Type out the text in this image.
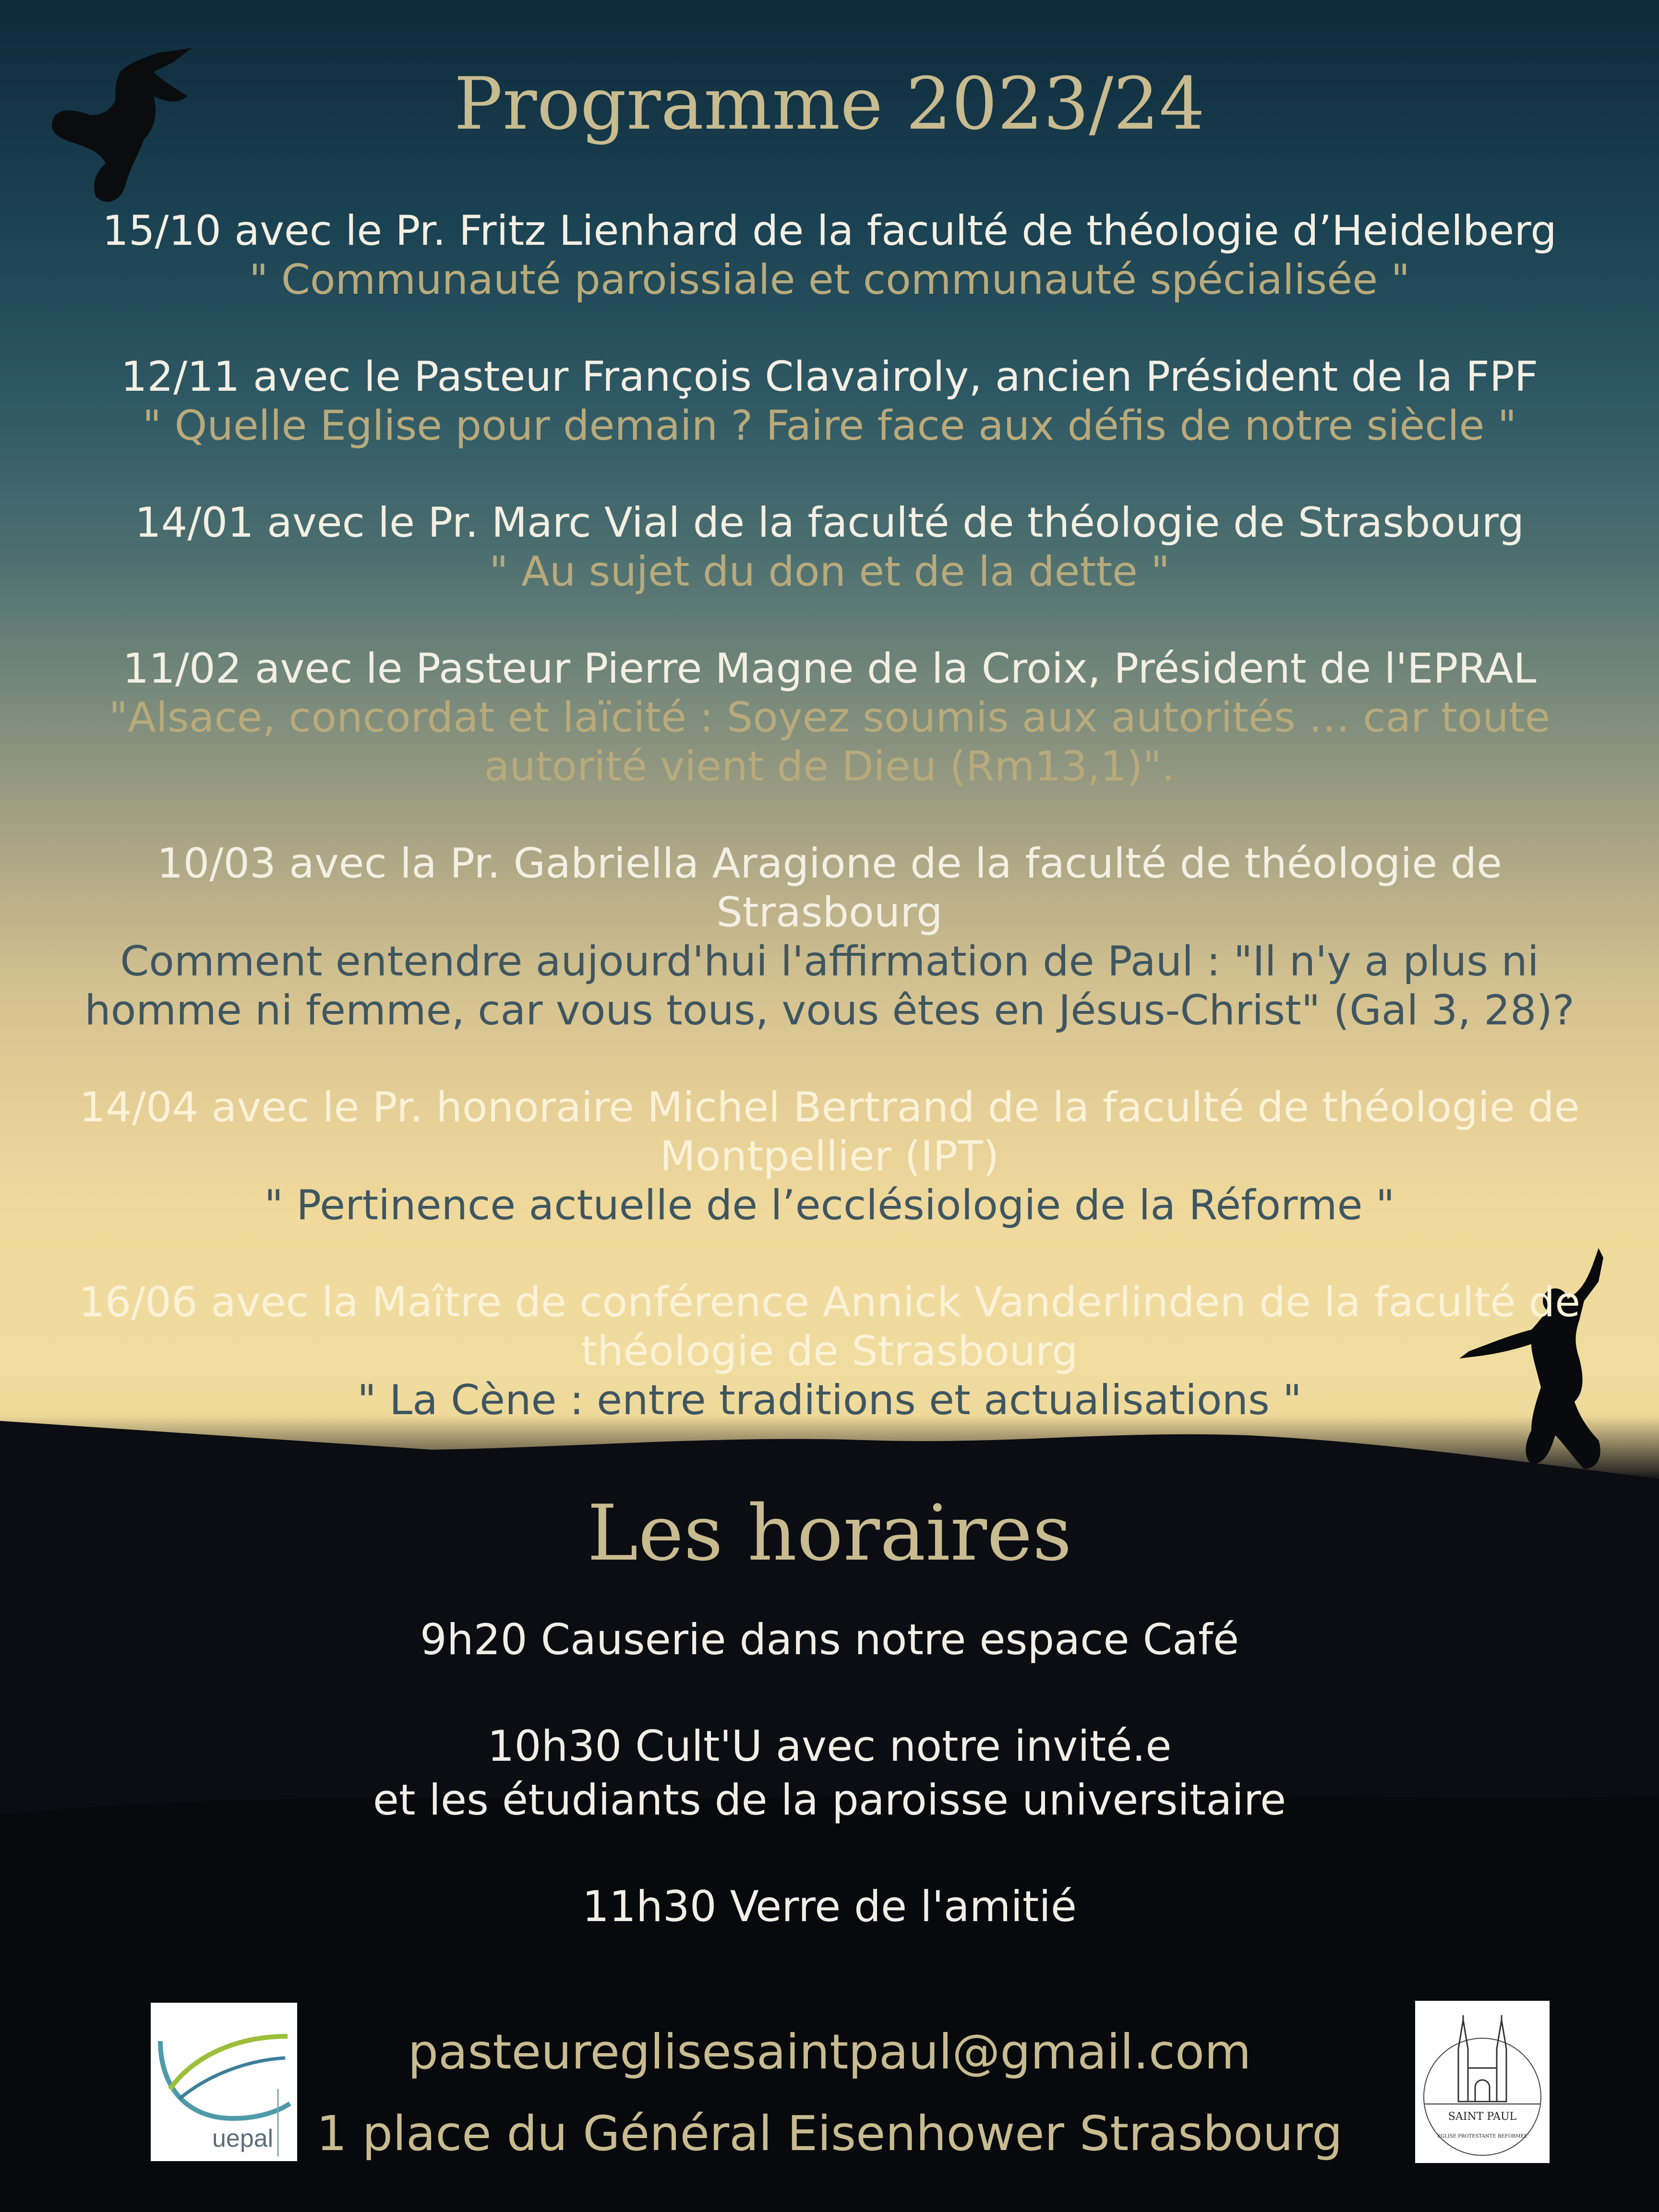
Programme 2023/24
15/10 avec le Pr. Fritz Lienhard de la faculté de théologie d’Heidelberg
" Communauté paroissiale et communauté spécialisée "
12/11 avec le Pasteur François Clavairoly, ancien Président de la FPF
" Quelle Eglise pour demain ? Faire face aux défis de notre siècle "
14/01 avec le Pr. Marc Vial de la faculté de théologie de Strasbourg
" Au sujet du don et de la dette "
11/02 avec le Pasteur Pierre Magne de la Croix, Président de l'EPRAL
"Alsace, concordat et laïcité : Soyez soumis aux autorités … car toute autorité vient de Dieu (Rm13,1)".
10/03 avec la Pr. Gabriella Aragione de la faculté de théologie de Strasbourg
Comment entendre aujourd'hui l'affirmation de Paul : "Il n'y a plus ni homme ni femme, car vous tous, vous êtes en Jésus-Christ" (Gal 3, 28)?
14/04 avec le Pr. honoraire Michel Bertrand de la faculté de théologie de Montpellier (IPT)
" Pertinence actuelle de l’ecclésiologie de la Réforme "
16/06 avec la Maître de conférence Annick Vanderlinden de la faculté de théologie de Strasbourg
" La Cène : entre traditions et actualisations "
Les horaires
9h20 Causerie dans notre espace Café
10h30 Cult'U avec notre invité.e
et les étudiants de la paroisse universitaire
11h30 Verre de l'amitié
pasteureglisesaintpaul@gmail.com
1 place du Général Eisenhower Strasbourg
uepal
SAINT PAUL
EGLISE PROTESTANTE REFORMEE
